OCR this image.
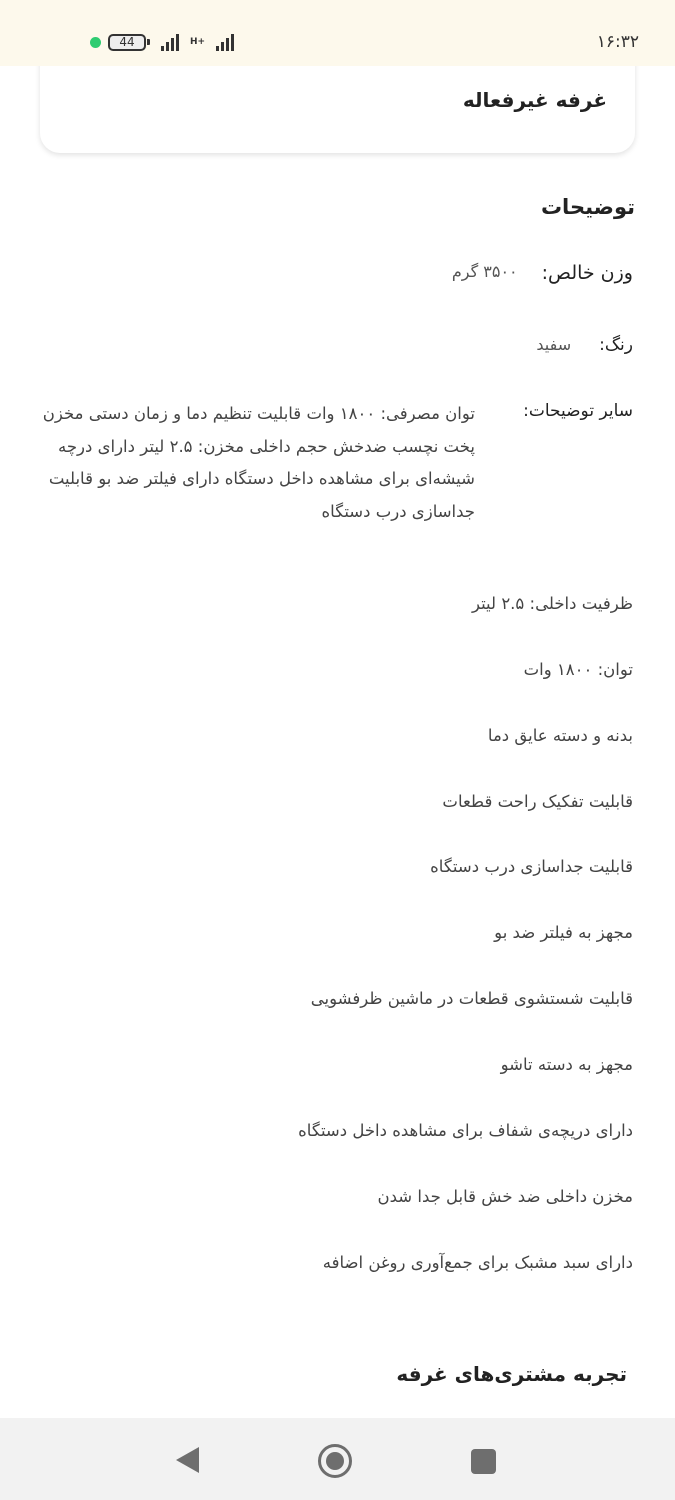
44	H+	۱۶:۳۲
غرفه غیرفعاله
توضیحات
وزن خالص:
۳۵۰۰ گرم
رنگ:
سفید
سایر توضیحات:
توان مصرفی: ۱۸۰۰ وات قابلیت تنظیم دما و زمان دستی مخزن پخت نچسب ضدخش حجم داخلی مخزن: ۲.۵ لیتر دارای درچه شیشه‌ای برای مشاهده داخل دستگاه دارای فیلتر ضد بو قابلیت جداسازی درب دستگاه
ظرفیت داخلی: ۲.۵ لیتر
توان: ۱۸۰۰ وات
بدنه و دسته عایق دما
قابلیت تفکیک راحت قطعات
قابلیت جداسازی درب دستگاه
مجهز به فیلتر ضد بو
قابلیت شستشوی قطعات در ماشین ظرفشویی
مجهز به دسته تاشو
دارای دریچه‌ی شفاف برای مشاهده داخل دستگاه
مخزن داخلی ضد خش قابل جدا شدن
دارای سبد مشبک برای جمع‌آوری روغن اضافه
تجربه مشتری‌های غرفه
